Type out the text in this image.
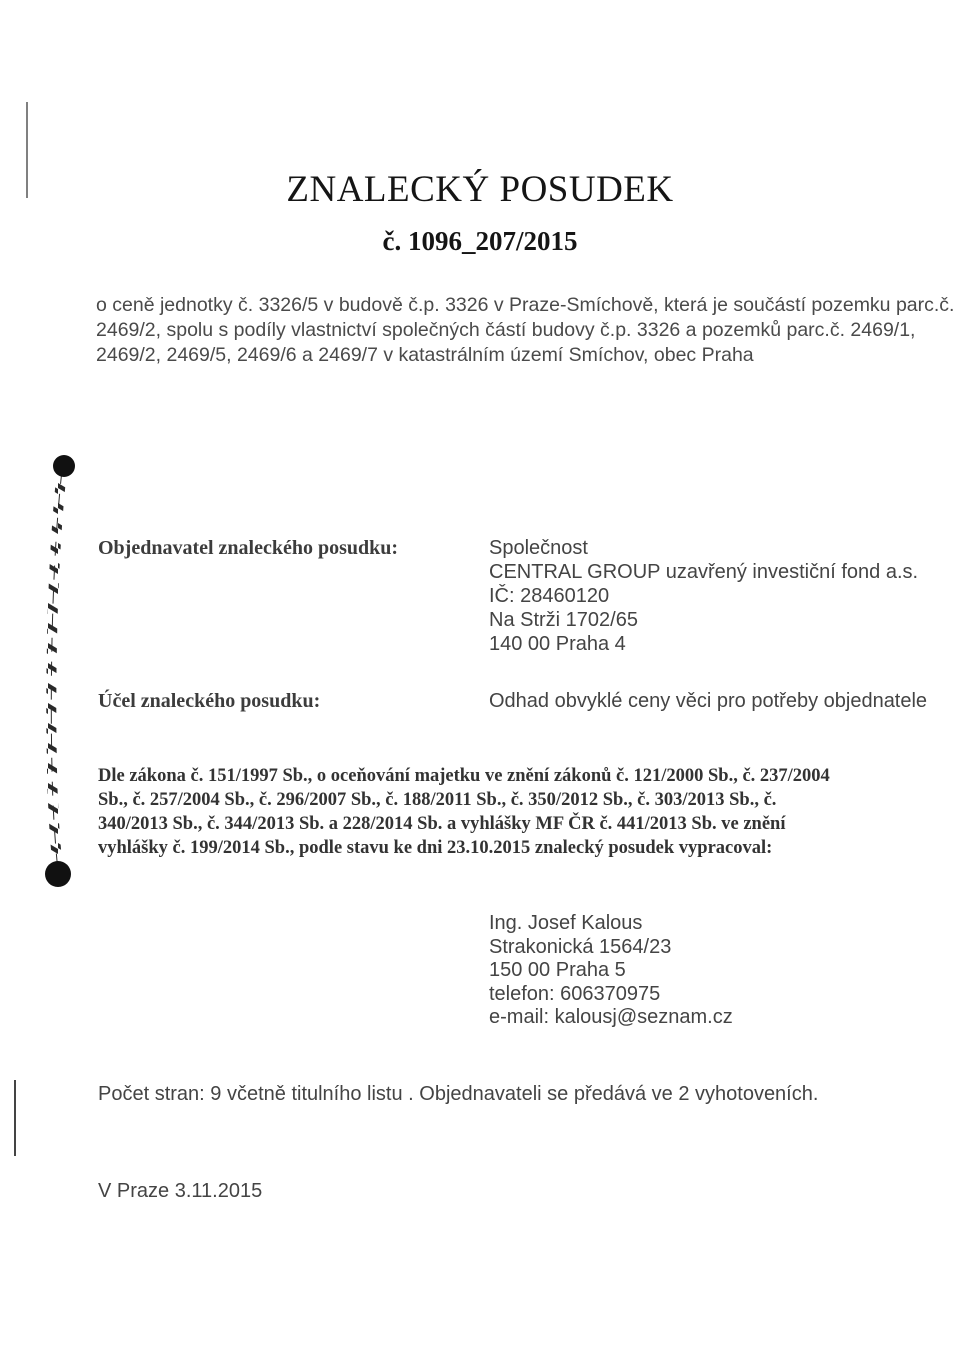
ZNALECKÝ POSUDEK
č. 1096_207/2015
o ceně jednotky č. 3326/5 v budově č.p. 3326 v Praze-Smíchově, která je součástí pozemku parc.č.
2469/2, spolu s podíly vlastnictví společných částí budovy č.p. 3326 a pozemků parc.č. 2469/1,
2469/2, 2469/5, 2469/6 a 2469/7 v katastrálním území Smíchov, obec Praha
Objednavatel znaleckého posudku:	Společnost
CENTRAL GROUP uzavřený investiční fond a.s.
IČ: 28460120
Na Strži 1702/65
140 00 Praha 4
Účel znaleckého posudku:	Odhad obvyklé ceny věci pro potřeby objednatele
Dle zákona č. 151/1997 Sb., o oceňování majetku ve znění zákonů č. 121/2000 Sb., č. 237/2004
Sb., č. 257/2004 Sb., č. 296/2007 Sb., č. 188/2011 Sb., č. 350/2012 Sb., č. 303/2013 Sb., č.
340/2013 Sb., č. 344/2013 Sb. a 228/2014 Sb. a vyhlášky MF ČR č. 441/2013 Sb. ve znění
vyhlášky č. 199/2014 Sb., podle stavu ke dni 23.10.2015 znalecký posudek vypracoval:
Ing. Josef Kalous
Strakonická 1564/23
150 00 Praha 5
telefon: 606370975
e-mail: kalousj@seznam.cz
Počet stran: 9 včetně titulního listu . Objednavateli se předává ve 2 vyhotoveních.
V Praze 3.11.2015
